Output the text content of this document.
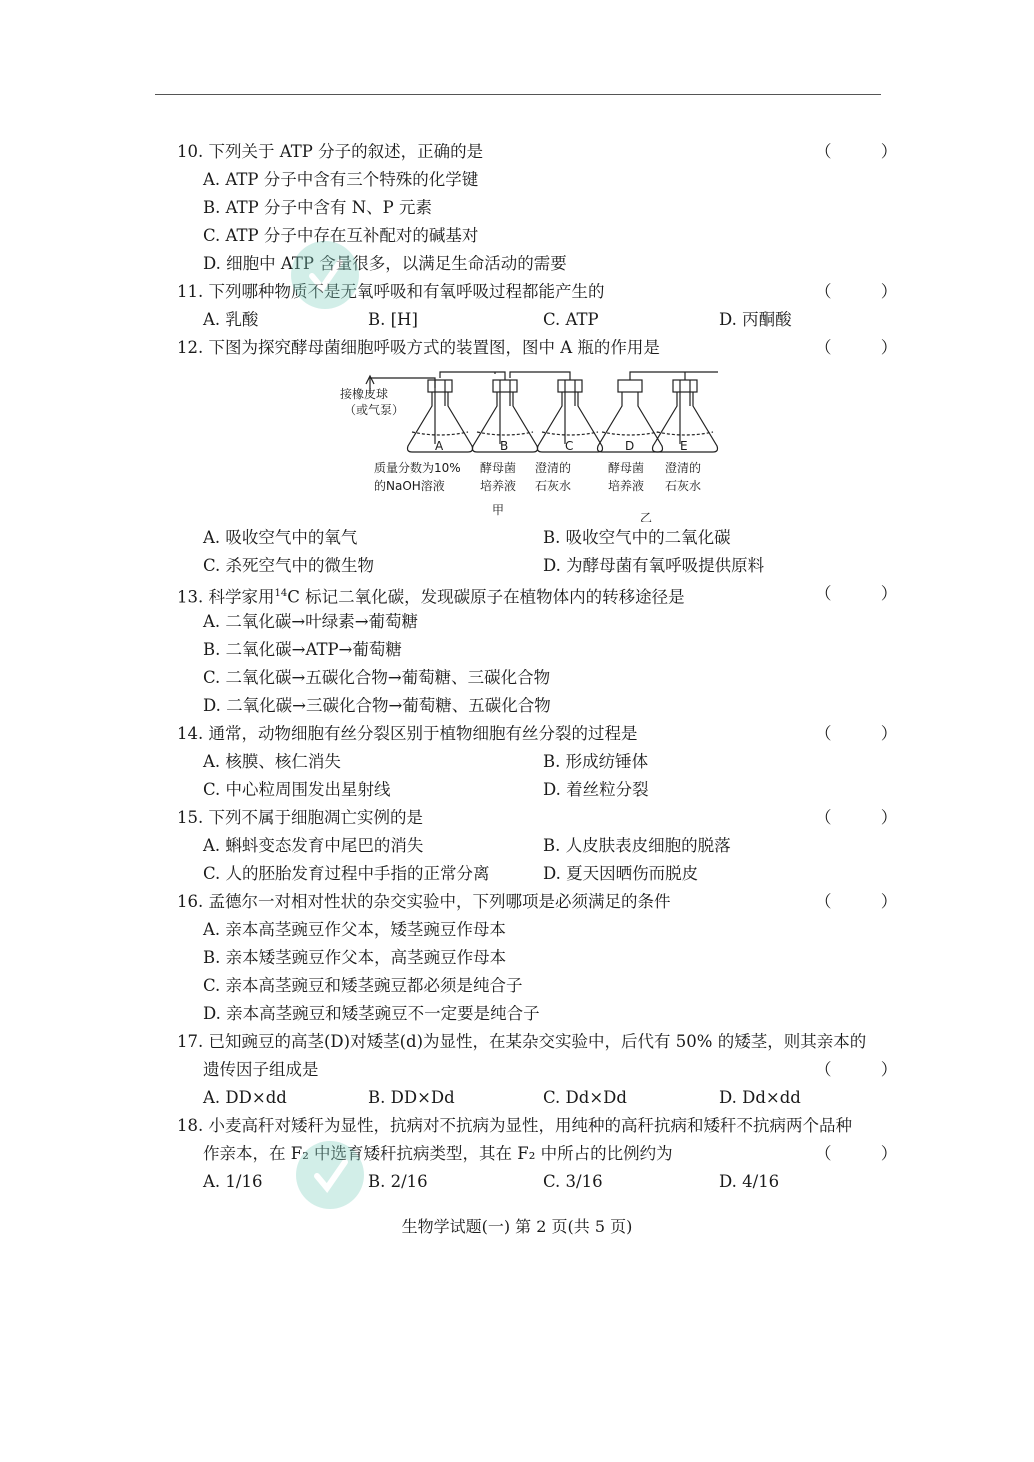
10. 下列关于 ATP 分子的叙述，正确的是	（ ）
A. ATP 分子中含有三个特殊的化学键
B. ATP 分子中含有 N、P 元素
C. ATP 分子中存在互补配对的碱基对
D. 细胞中 ATP 含量很多，以满足生命活动的需要
11. 下列哪种物质不是无氧呼吸和有氧呼吸过程都能产生的	（ ）
A. 乳酸	B. [H]	C. ATP	D. 丙酮酸
12. 下图为探究酵母菌细胞呼吸方式的装置图，图中 A 瓶的作用是	（ ）
接橡皮球
（或气泵）
A	B	C	D	E
质量分数为10%
的NaOH溶液
酵母菌
培养液
澄清的
石灰水
酵母菌
培养液
澄清的
石灰水
甲
乙
A. 吸收空气中的氧气	B. 吸收空气中的二氧化碳
C. 杀死空气中的微生物	D. 为酵母菌有氧呼吸提供原料
13. 科学家用$^{14}$C 标记二氧化碳，发现碳原子在植物体内的转移途径是	（ ）
A. 二氧化碳→叶绿素→葡萄糖
B. 二氧化碳→ATP→葡萄糖
C. 二氧化碳→五碳化合物→葡萄糖、三碳化合物
D. 二氧化碳→三碳化合物→葡萄糖、五碳化合物
14. 通常，动物细胞有丝分裂区别于植物细胞有丝分裂的过程是	（ ）
A. 核膜、核仁消失	B. 形成纺锤体
C. 中心粒周围发出星射线	D. 着丝粒分裂
15. 下列不属于细胞凋亡实例的是	（ ）
A. 蝌蚪变态发育中尾巴的消失	B. 人皮肤表皮细胞的脱落
C. 人的胚胎发育过程中手指的正常分离	D. 夏天因晒伤而脱皮
16. 孟德尔一对相对性状的杂交实验中，下列哪项是必须满足的条件	（ ）
A. 亲本高茎豌豆作父本，矮茎豌豆作母本
B. 亲本矮茎豌豆作父本，高茎豌豆作母本
C. 亲本高茎豌豆和矮茎豌豆都必须是纯合子
D. 亲本高茎豌豆和矮茎豌豆不一定要是纯合子
17. 已知豌豆的高茎(D)对矮茎(d)为显性，在某杂交实验中，后代有 50% 的矮茎，则其亲本的
遗传因子组成是	（ ）
A. DD×dd	B. DD×Dd	C. Dd×Dd	D. Dd×dd
18. 小麦高秆对矮秆为显性，抗病对不抗病为显性，用纯种的高秆抗病和矮秆不抗病两个品种
作亲本，在 F₂ 中选育矮秆抗病类型，其在 F₂ 中所占的比例约为	（ ）
A. 1/16	B. 2/16	C. 3/16	D. 4/16
生物学试题(一) 第 2 页(共 5 页)
